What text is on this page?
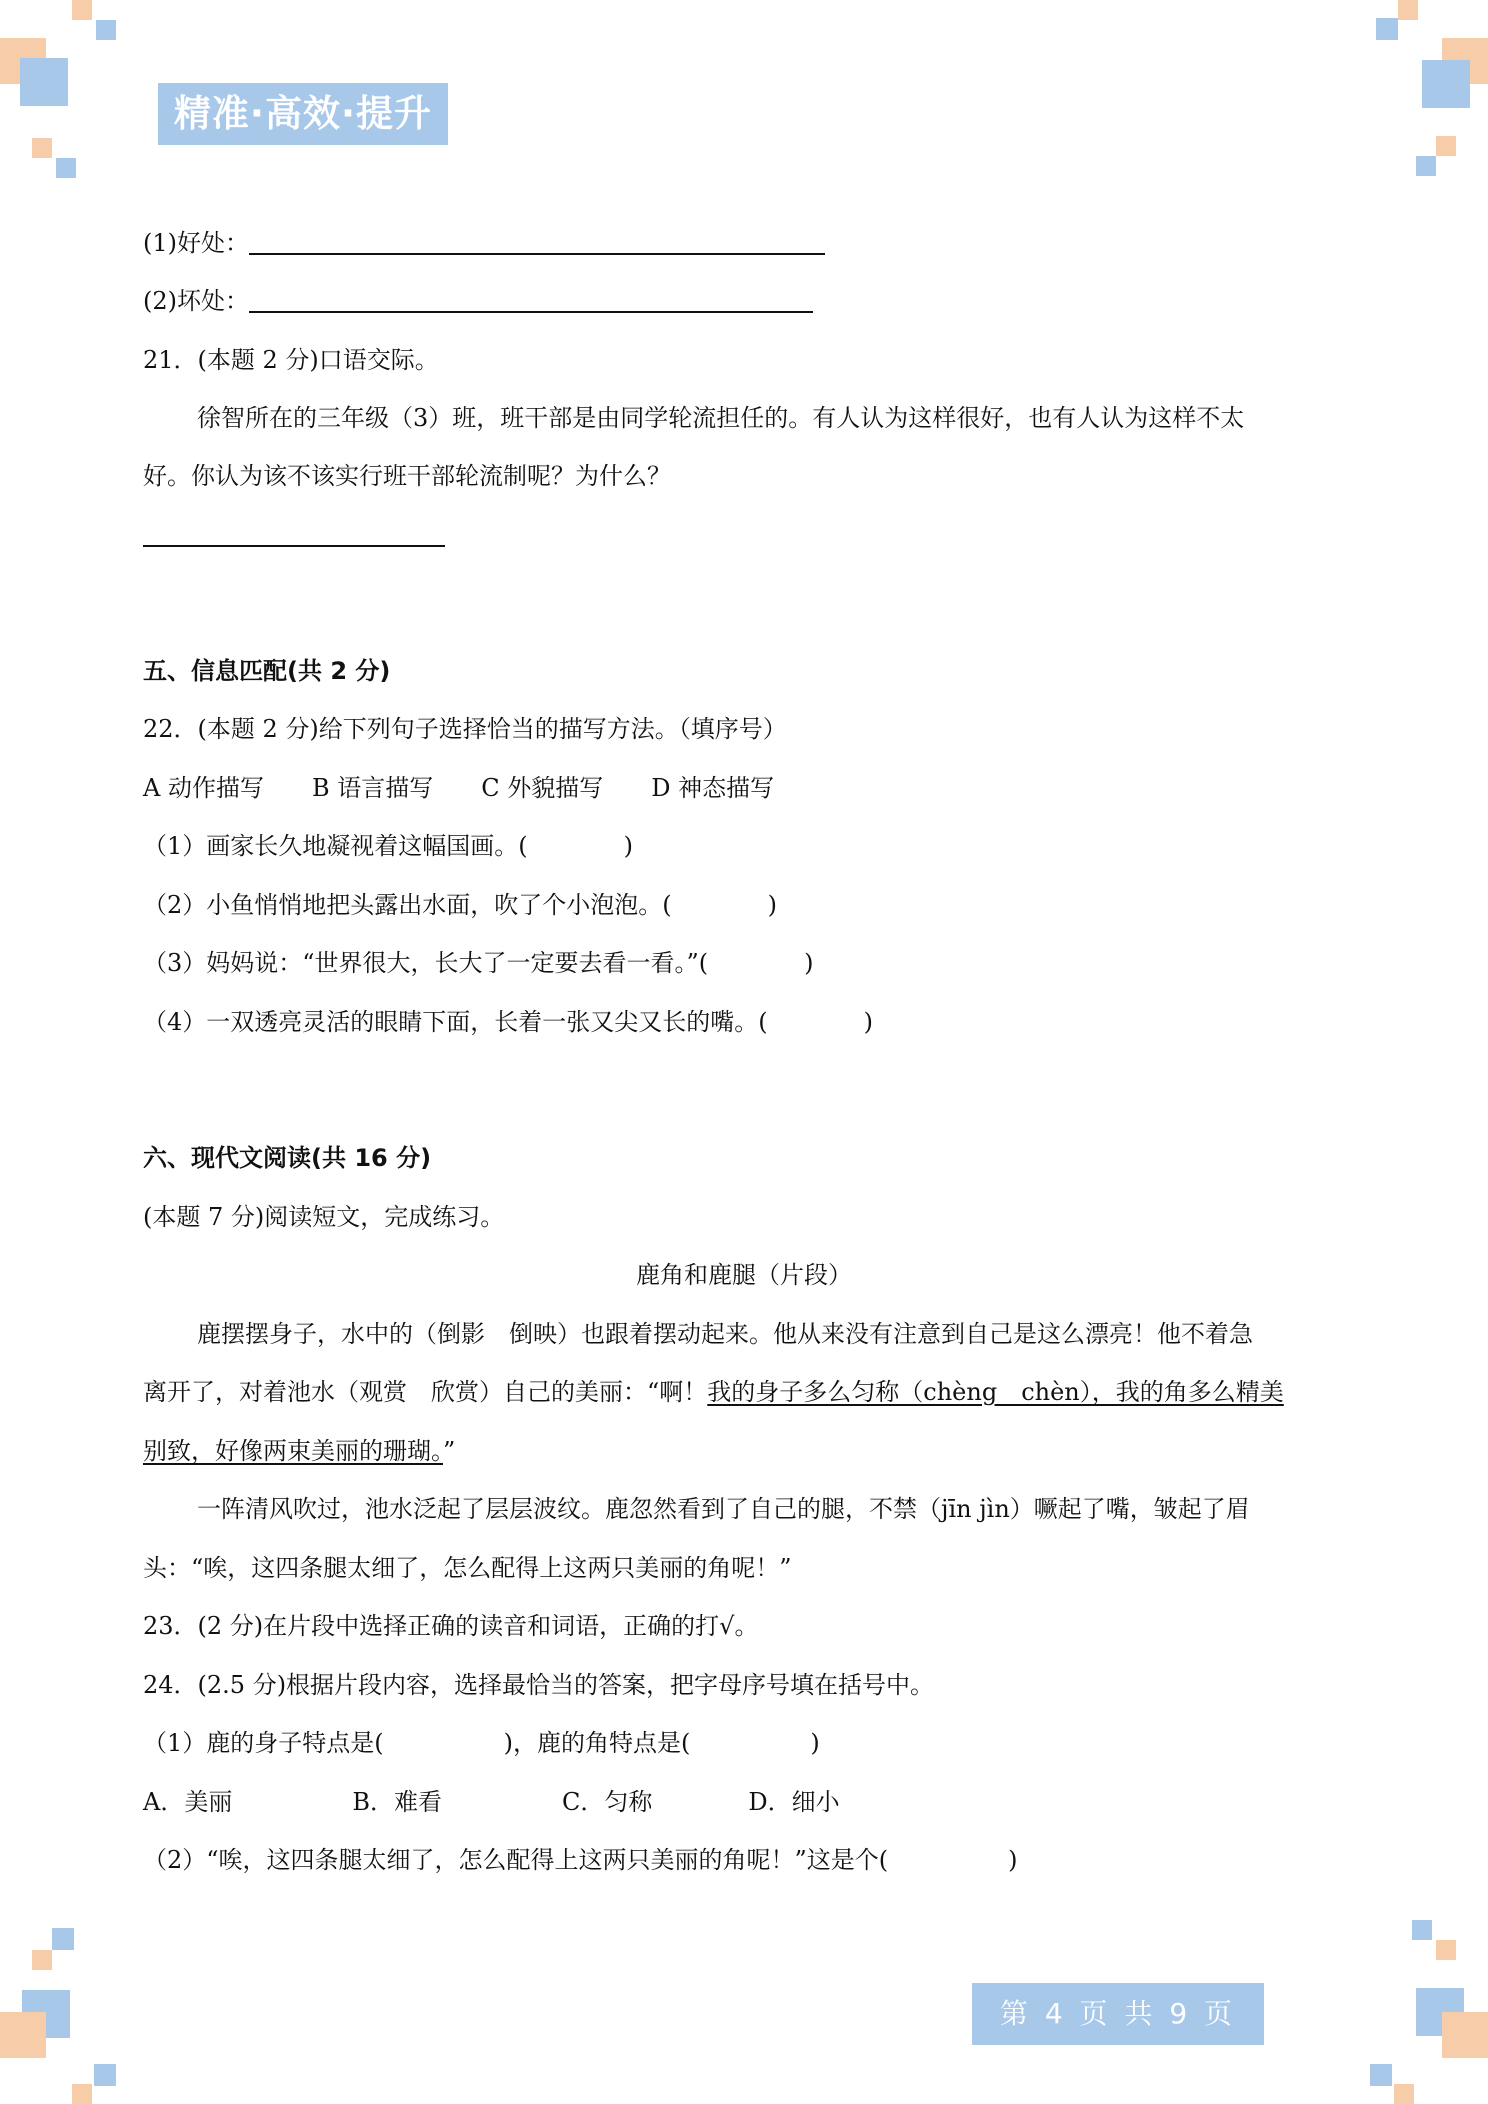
精准·高效·提升
(1)好处：
(2)坏处：
21．(本题 2 分)口语交际。
徐智所在的三年级（3）班，班干部是由同学轮流担任的。有人认为这样很好，也有人认为这样不太
好。你认为该不该实行班干部轮流制呢？为什么？
五、信息匹配(共 2 分)
22．(本题 2 分)给下列句子选择恰当的描写方法。（填序号）
A 动作描写　　B 语言描写　　C 外貌描写　　D 神态描写
（1）画家长久地凝视着这幅国画。(　　　　)
（2）小鱼悄悄地把头露出水面，吹了个小泡泡。(　　　　)
（3）妈妈说：“世界很大，长大了一定要去看一看。”(　　　　)
（4）一双透亮灵活的眼睛下面，长着一张又尖又长的嘴。(　　　　)
六、现代文阅读(共 16 分)
(本题 7 分)阅读短文，完成练习。
鹿角和鹿腿（片段）
鹿摆摆身子，水中的（倒影　倒映）也跟着摆动起来。他从来没有注意到自己是这么漂亮！他不着急
离开了，对着池水（观赏　欣赏）自己的美丽：“啊！我的身子多么匀称（chèng　chèn），我的角多么精美
别致，好像两束美丽的珊瑚。”
一阵清风吹过，池水泛起了层层波纹。鹿忽然看到了自己的腿，不禁（jīn jìn）噘起了嘴，皱起了眉
头：“唉，这四条腿太细了，怎么配得上这两只美丽的角呢！”
23．(2 分)在片段中选择正确的读音和词语，正确的打√。
24．(2.5 分)根据片段内容，选择最恰当的答案，把字母序号填在括号中。
（1）鹿的身子特点是(　　　　　)，鹿的角特点是(　　　　　)
A．美丽　　　　　B．难看　　　　　C．匀称　　　　D．细小
（2）“唉，这四条腿太细了，怎么配得上这两只美丽的角呢！”这是个(　　　　　)
第 4 页 共 9 页
